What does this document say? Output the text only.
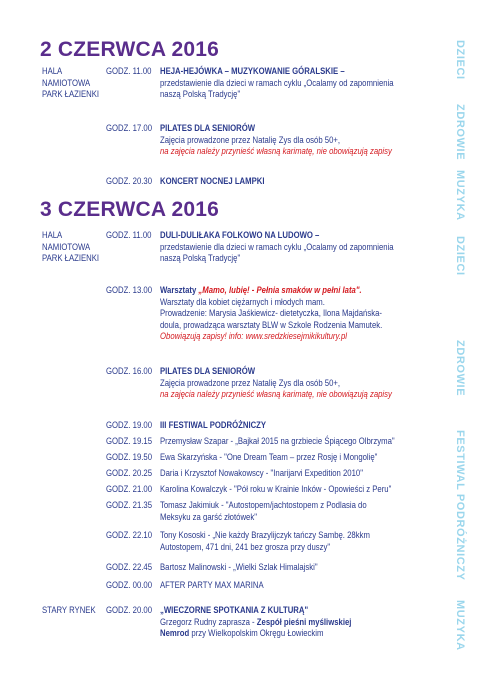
2 CZERWCA 2016
HALA
NAMIOTOWA
PARK ŁAZIENKI
GODZ. 11.00 HEJA-HEJÓWKA – MUZYKOWANIE GÓRALSKIE –
przedstawienie dla dzieci w ramach cyklu „Ocalamy od zapomnienia
naszą Polską Tradycję"
GODZ. 17.00 PILATES DLA SENIORÓW
Zajęcia prowadzone przez Natalię Zys dla osób 50+,
na zajęcia należy przynieść własną karimatę, nie obowiązują zapisy
GODZ. 20.30 KONCERT NOCNEJ LAMPKI
3 CZERWCA 2016
HALA
NAMIOTOWA
PARK ŁAZIENKI
GODZ. 11.00 DULI-DULIŁAKA FOLKOWO NA LUDOWO –
przedstawienie dla dzieci w ramach cyklu „Ocalamy od zapomnienia
naszą Polską Tradycję"
GODZ. 13.00 Warsztaty „Mamo, lubię! - Pełnia smaków w pełni lata".
Warsztaty dla kobiet ciężarnych i młodych mam.
Prowadzenie: Marysia Jaśkiewicz- dietetyczka, Ilona Majdańska-
doula, prowadząca warsztaty BLW w Szkole Rodzenia Mamutek.
Obowiązują zapisy! info: www.sredzkiesejmikikultury.pl
GODZ. 16.00 PILATES DLA SENIORÓW
Zajęcia prowadzone przez Natalię Zys dla osób 50+,
na zajęcia należy przynieść własną karimatę, nie obowiązują zapisy
GODZ. 19.00 III FESTIWAL PODRÓŻNICZY
GODZ. 19.15 Przemysław Szapar - „Bajkał 2015 na grzbiecie Śpiącego Olbrzyma"
GODZ. 19.50 Ewa Skarzyńska - "One Dream Team – przez Rosję i Mongolię"
GODZ. 20.25 Daria i Krzysztof Nowakowscy - "Inarijarvi Expedition 2010"
GODZ. 21.00 Karolina Kowalczyk - "Pół roku w Krainie Inków - Opowieści z Peru"
GODZ. 21.35 Tomasz Jakimiuk - "Autostopem/jachtostopem z Podlasia do
Meksyku za garść złotówek"
GODZ. 22.10 Tony Kososki - „Nie każdy Brazylijczyk tańczy Sambę. 28kkm
Autostopem, 471 dni, 241 bez grosza przy duszy"
GODZ. 22.45 Bartosz Malinowski - „Wielki Szlak Himalajski"
GODZ. 00.00 AFTER PARTY MAX MARINA
STARY RYNEK	GODZ. 20.00 „WIECZORNE SPOTKANIA Z KULTURĄ"
Grzegorz Rudny zaprasza - Zespół pieśni myśliwskiej
Nemrod przy Wielkopolskim Okręgu Łowieckim
DZIECI
ZDROWIE
MUZYKA
DZIECI
ZDROWIE
FESTIWAL PODRÓŻNICZY
MUZYKA
